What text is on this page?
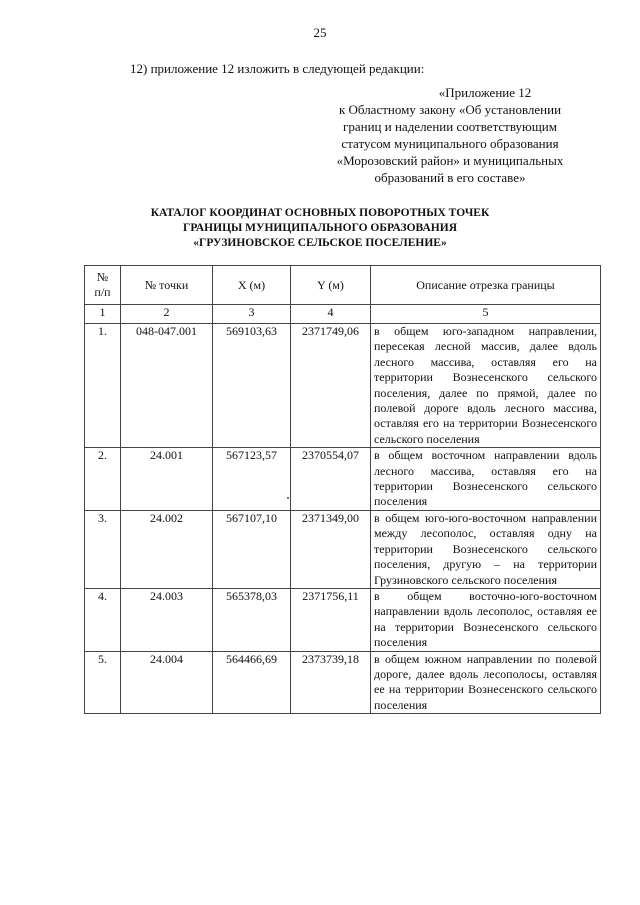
25
12) приложение 12 изложить в следующей редакции:
«Приложение 12
к Областному закону «Об установлении
границ и наделении соответствующим
статусом муниципального образования
«Морозовский район» и муниципальных
образований в его составе»
КАТАЛОГ КООРДИНАТ ОСНОВНЫХ ПОВОРОТНЫХ ТОЧЕК
ГРАНИЦЫ МУНИЦИПАЛЬНОГО ОБРАЗОВАНИЯ
«ГРУЗИНОВСКОЕ СЕЛЬСКОЕ ПОСЕЛЕНИЕ»
№
п/п	№ точки	X (м)	Y (м)	Описание отрезка границы
1	2	3	4	5
1.	048-047.001	569103,63	2371749,06	в общем юго-западном направлении, пересекая лесной массив, далее вдоль лесного массива, оставляя его на территории Вознесенского сельского поселения, далее по прямой, далее по полевой дороге вдоль лесного массива, оставляя его на территории Вознесенского сельского поселения
2.	24.001	567123,57	2370554,07	в общем восточном направлении вдоль лесного массива, оставляя его на территории Вознесенского сельского поселения
3.	24.002	567107,10	2371349,00	в общем юго-юго-восточном направлении между лесополос, оставляя одну на территории Вознесенского сельского поселения, другую – на территории Грузиновского сельского поселения
4.	24.003	565378,03	2371756,11	в общем восточно-юго-восточном направлении вдоль лесополос, оставляя ее на территории Вознесенского сельского поселения
5.	24.004	564466,69	2373739,18	в общем южном направлении по полевой дороге, далее вдоль лесополосы, оставляя ее на территории Вознесенского сельского поселения
